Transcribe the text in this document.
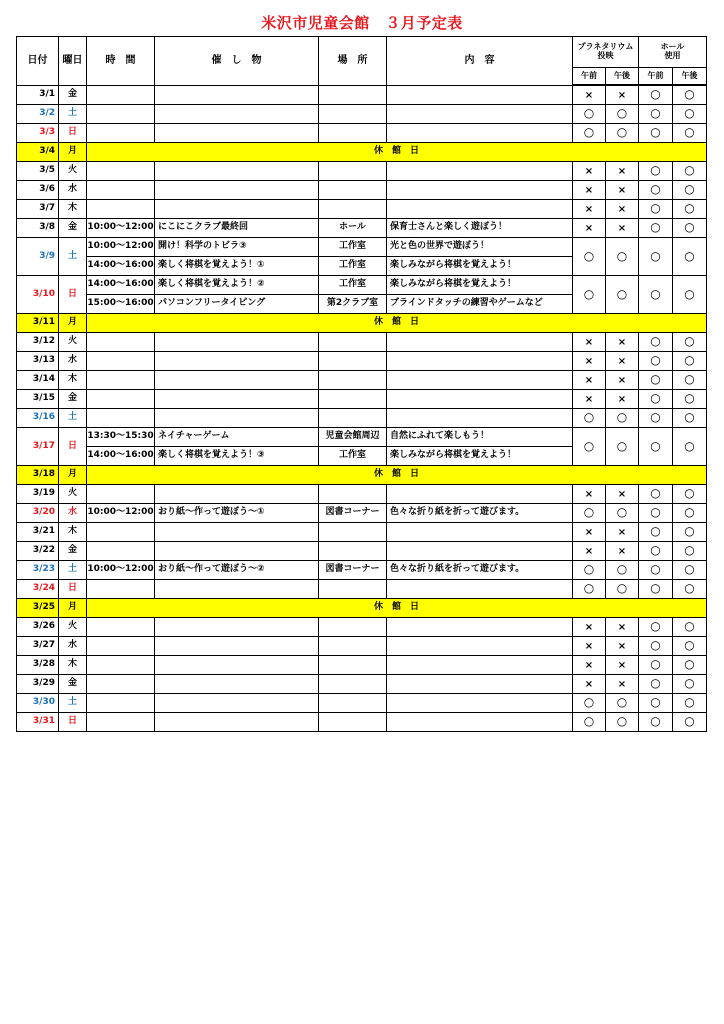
米沢市児童会館　３月予定表
日付	曜日	時　間	催　し　物	場　所	内　容	プラネタリウム
投映		ホール
使用	
						午前	午後	午前	午後
3/1	金					×	×	○	○
3/2	土					○	○	○	○
3/3	日					○	○	○	○
3/4	月	休　館　日							
3/5	火					×	×	○	○
3/6	水					×	×	○	○
3/7	木					×	×	○	○
3/8	金	10:00～12:00	にこにこクラブ最終回	ホール	保育士さんと楽しく遊ぼう！	×	×	○	○
3/9	土	10:00～12:00	開け！科学のトビラ③	工作室	光と色の世界で遊ぼう！	○	○	○	○
		14:00～16:00	楽しく将棋を覚えよう！①	工作室	楽しみながら将棋を覚えよう！				
3/10	日	14:00～16:00	楽しく将棋を覚えよう！②	工作室	楽しみながら将棋を覚えよう！	○	○	○	○
		15:00～16:00	パソコンフリータイピング	第2クラブ室	ブラインドタッチの練習やゲームなど				
3/11	月	休　館　日							
3/12	火					×	×	○	○
3/13	水					×	×	○	○
3/14	木					×	×	○	○
3/15	金					×	×	○	○
3/16	土					○	○	○	○
3/17	日	13:30～15:30	ネイチャーゲーム	児童会館周辺	自然にふれて楽しもう！	○	○	○	○
		14:00～16:00	楽しく将棋を覚えよう！③	工作室	楽しみながら将棋を覚えよう！				
3/18	月	休　館　日							
3/19	火					×	×	○	○
3/20	水	10:00～12:00	おり紙～作って遊ぼう～①	図書コーナー	色々な折り紙を折って遊びます。	○	○	○	○
3/21	木					×	×	○	○
3/22	金					×	×	○	○
3/23	土	10:00～12:00	おり紙～作って遊ぼう～②	図書コーナー	色々な折り紙を折って遊びます。	○	○	○	○
3/24	日					○	○	○	○
3/25	月	休　館　日							
3/26	火					×	×	○	○
3/27	水					×	×	○	○
3/28	木					×	×	○	○
3/29	金					×	×	○	○
3/30	土					○	○	○	○
3/31	日					○	○	○	○
